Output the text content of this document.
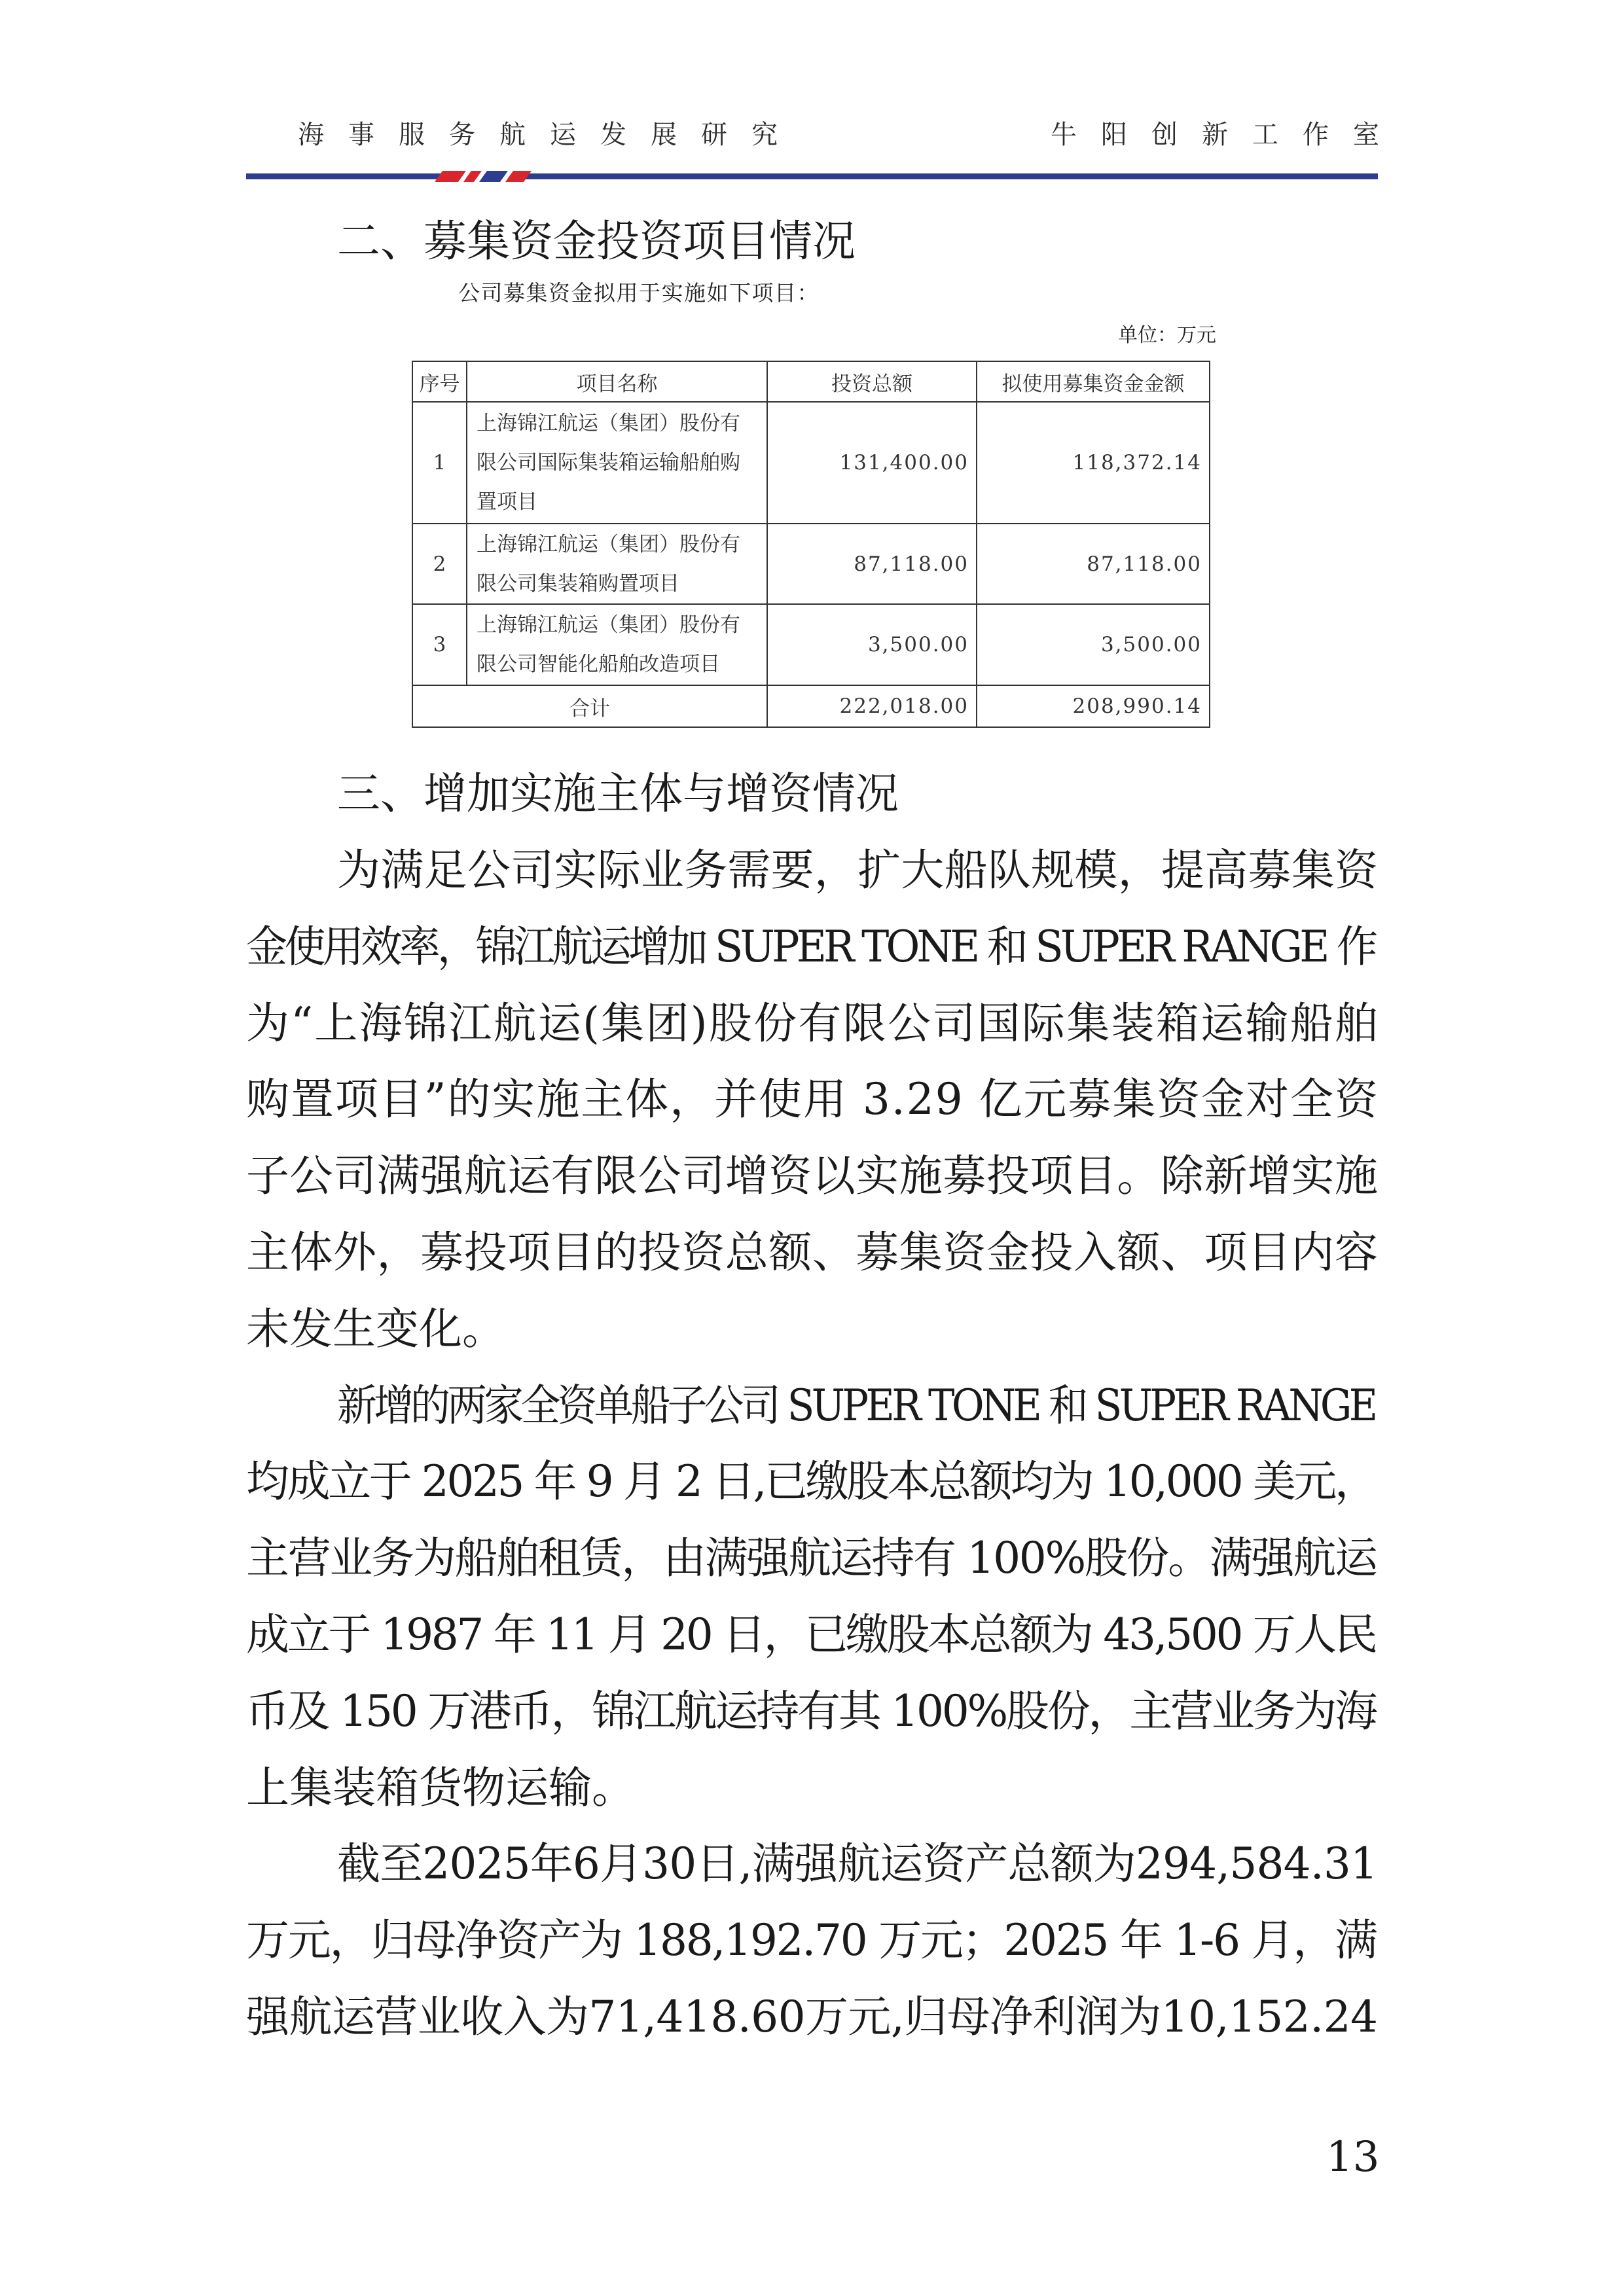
海事服务航运发展研究	牛阳创新工作室
二、募集资金投资项目情况
公司募集资金拟用于实施如下项目：
单位：万元
序号	项目名称	投资总额	拟使用募集资金金额
1	上海锦江航运（集团）股份有
限公司国际集装箱运输船舶购
置项目	131,400.00	118,372.14
2	上海锦江航运（集团）股份有
限公司集装箱购置项目	87,118.00	87,118.00
3	上海锦江航运（集团）股份有
限公司智能化船舶改造项目	3,500.00	3,500.00
合计		222,018.00	208,990.14
三、增加实施主体与增资情况
为满足公司实际业务需要，扩大船队规模，提高募集资
金使用效率，锦江航运增加 SUPER TONE 和 SUPER RANGE 作
为“上海锦江航运(集团)股份有限公司国际集装箱运输船舶
购置项目”的实施主体，并使用 3.29 亿元募集资金对全资
子公司满强航运有限公司增资以实施募投项目。除新增实施
主体外，募投项目的投资总额、募集资金投入额、项目内容
未发生变化。
新增的两家全资单船子公司 SUPER TONE 和 SUPER RANGE
均成立于 2025 年 9 月 2 日,已缴股本总额均为 10,000 美元，
主营业务为船舶租赁，由满强航运持有 100%股份。满强航运
成立于 1987 年 11 月 20 日，已缴股本总额为 43,500 万人民
币及 150 万港币，锦江航运持有其 100%股份，主营业务为海
上集装箱货物运输。
截至2025年6月30日,满强航运资产总额为294,584.31
万元，归母净资产为 188,192.70 万元；2025 年 1-6 月，满
强航运营业收入为71,418.60万元,归母净利润为10,152.24
13
